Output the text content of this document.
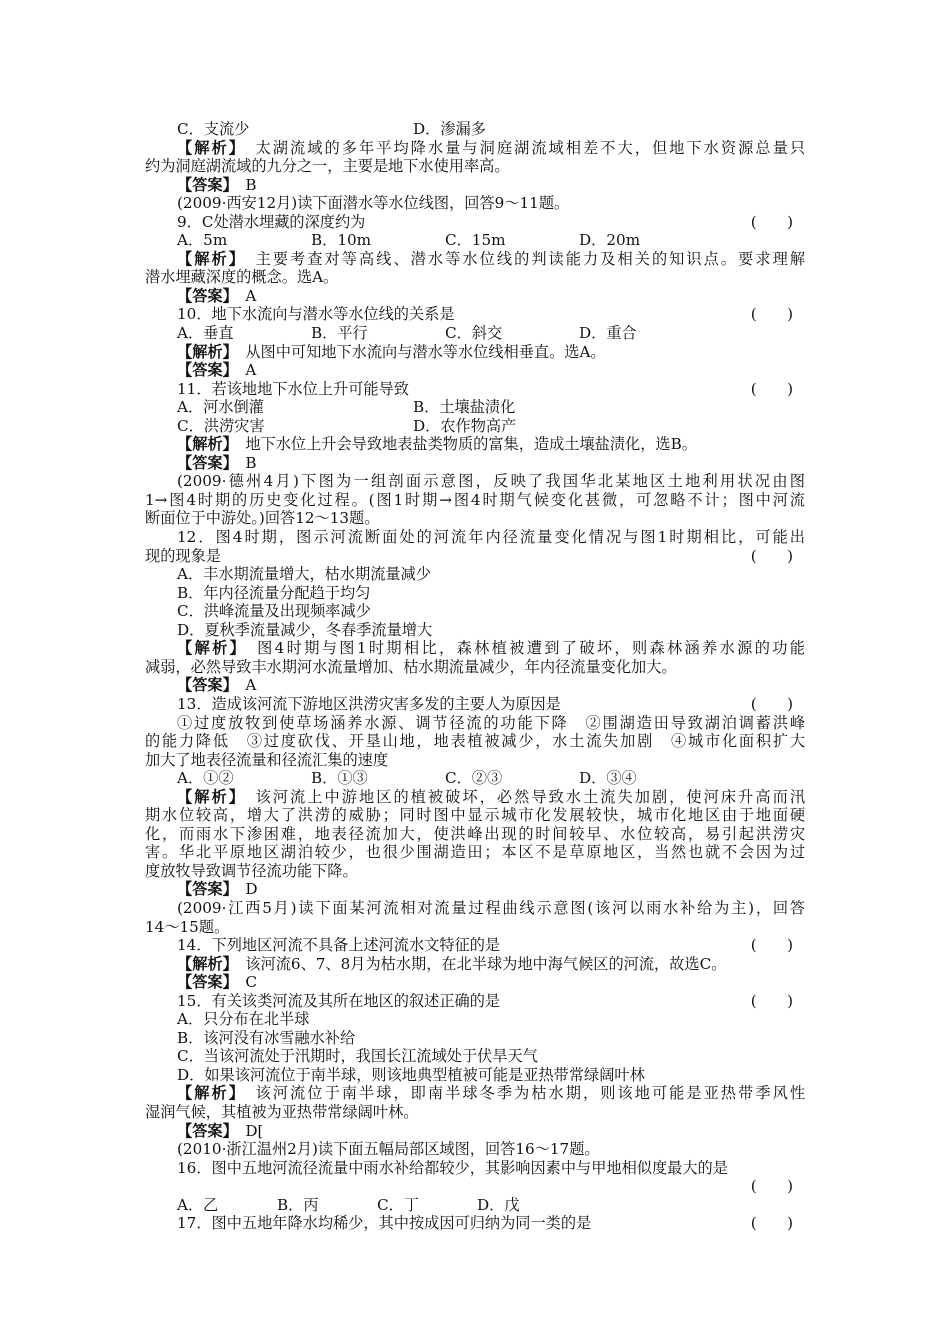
C．支流少	D．渗漏多
【解析】　太湖流域的多年平均降水量与洞庭湖流域相差不大，但地下水资源总量只
约为洞庭湖流域的九分之一，主要是地下水使用率高。
【答案】　 B
(2009·西安12月)读下面潜水等水位线图，回答9～11题。
9．C处潜水埋藏的深度约为	(　　)
A．5m	B．10m	C．15m	D．20m
【解析】　主要考查对等高线、潜水等水位线的判读能力及相关的知识点。要求理解
潜水埋藏深度的概念。选A。
【答案】　 A
10．地下水流向与潜水等水位线的关系是	(　　)
A．垂直	B．平行	C．斜交	D．重合
【解析】　从图中可知地下水流向与潜水等水位线相垂直。选A。
【答案】　 A
11．若该地地下水位上升可能导致	(　　)
A．河水倒灌	B．土壤盐渍化
C．洪涝灾害	D．农作物高产
【解析】　地下水位上升会导致地表盐类物质的富集，造成土壤盐渍化，选B。
【答案】　 B
(2009·德州4月)下图为一组剖面示意图，反映了我国华北某地区土地利用状况由图
1→图4时期的历史变化过程。(图1时期→图4时期气候变化甚微，可忽略不计；图中河流
断面位于中游处。)回答12～13题。
12．图4时期，图示河流断面处的河流年内径流量变化情况与图1时期相比，可能出
现的现象是	(　　)
A．丰水期流量增大，枯水期流量减少
B．年内径流量分配趋于均匀
C．洪峰流量及出现频率减少
D．夏秋季流量减少，冬春季流量增大
【解析】　图4时期与图1时期相比，森林植被遭到了破坏，则森林涵养水源的功能
减弱，必然导致丰水期河水流量增加、枯水期流量减少，年内径流量变化加大。
【答案】　 A
13．造成该河流下游地区洪涝灾害多发的主要人为原因是	(　　)
①过度放牧到使草场涵养水源、调节径流的功能下降　②围湖造田导致湖泊调蓄洪峰
的能力降低　③过度砍伐、开垦山地，地表植被减少，水土流失加剧　④城市化面积扩大
加大了地表径流量和径流汇集的速度
A．①②	B．①③	C．②③	D．③④
【解析】　该河流上中游地区的植被破坏，必然导致水土流失加剧，使河床升高而汛
期水位较高，增大了洪涝的威胁；同时图中显示城市化发展较快，城市化地区由于地面硬
化，而雨水下渗困难，地表径流加大，使洪峰出现的时间较早、水位较高，易引起洪涝灾
害。华北平原地区湖泊较少，也很少围湖造田；本区不是草原地区，当然也就不会因为过
度放牧导致调节径流功能下降。
【答案】　 D
(2009·江西5月)读下面某河流相对流量过程曲线示意图(该河以雨水补给为主)，回答
14～15题。
14．下列地区河流不具备上述河流水文特征的是	(　　)
【解析】　该河流6、7、8月为枯水期，在北半球为地中海气候区的河流，故选C。
【答案】　 C
15．有关该类河流及其所在地区的叙述正确的是	(　　)
A．只分布在北半球
B．该河没有冰雪融水补给
C．当该河流处于汛期时，我国长江流域处于伏旱天气
D．如果该河流位于南半球，则该地典型植被可能是亚热带常绿阔叶林
【解析】　该河流位于南半球，即南半球冬季为枯水期，则该地可能是亚热带季风性
湿润气候，其植被为亚热带常绿阔叶林。
【答案】　 D[
(2010·浙江温州2月)读下面五幅局部区域图，回答16～17题。
16．图中五地河流径流量中雨水补给都较少，其影响因素中与甲地相似度最大的是
(　　)
A．乙	B．丙	C．丁	D．戊
17．图中五地年降水均稀少，其中按成因可归纳为同一类的是	(　　)
